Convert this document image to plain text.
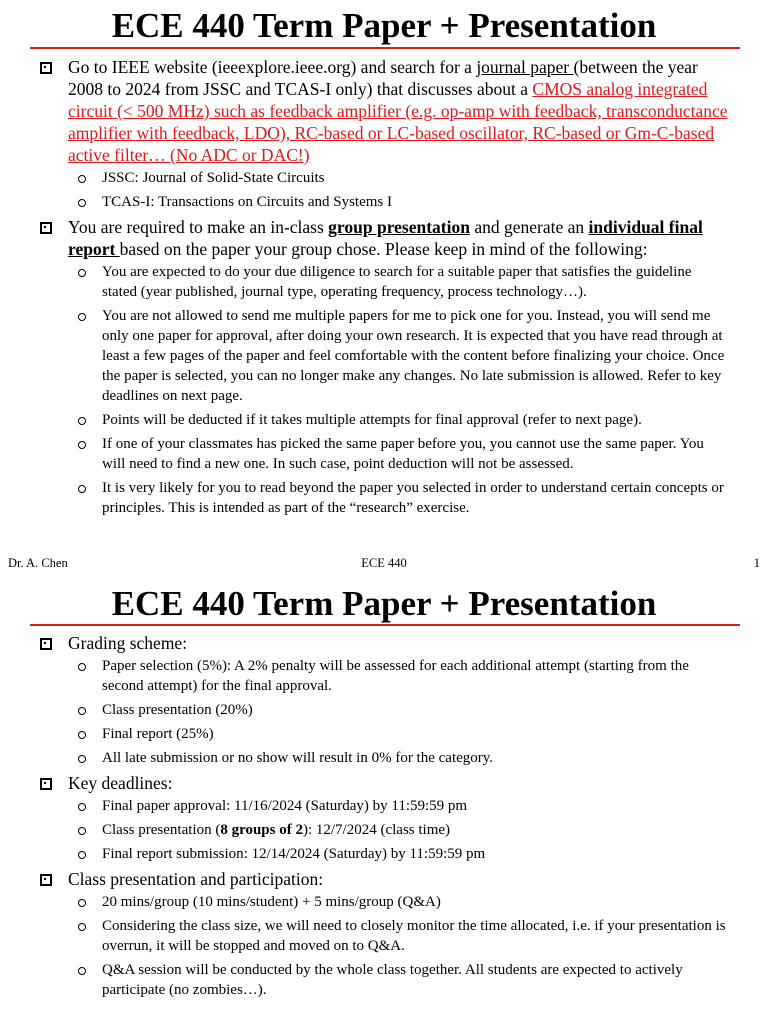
ECE 440 Term Paper + Presentation
Go to IEEE website (ieeexplore.ieee.org) and search for a journal paper (between the year 2008 to 2024 from JSSC and TCAS-I only) that discusses about a CMOS analog integrated circuit (< 500 MHz) such as feedback amplifier (e.g. op-amp with feedback, transconductance amplifier with feedback, LDO), RC-based or LC-based oscillator, RC-based or Gm-C-based active filter… (No ADC or DAC!)
JSSC: Journal of Solid-State Circuits
TCAS-I: Transactions on Circuits and Systems I
You are required to make an in-class group presentation and generate an individual final report based on the paper your group chose. Please keep in mind of the following:
You are expected to do your due diligence to search for a suitable paper that satisfies the guideline stated (year published, journal type, operating frequency, process technology…).
You are not allowed to send me multiple papers for me to pick one for you. Instead, you will send me only one paper for approval, after doing your own research. It is expected that you have read through at least a few pages of the paper and feel comfortable with the content before finalizing your choice. Once the paper is selected, you can no longer make any changes. No late submission is allowed. Refer to key deadlines on next page.
Points will be deducted if it takes multiple attempts for final approval (refer to next page).
If one of your classmates has picked the same paper before you, you cannot use the same paper. You will need to find a new one. In such case, point deduction will not be assessed.
It is very likely for you to read beyond the paper you selected in order to understand certain concepts or principles. This is intended as part of the “research” exercise.
Dr. A. Chen	ECE 440	1
ECE 440 Term Paper + Presentation
Grading scheme:
Paper selection (5%): A 2% penalty will be assessed for each additional attempt (starting from the second attempt) for the final approval.
Class presentation (20%)
Final report (25%)
All late submission or no show will result in 0% for the category.
Key deadlines:
Final paper approval: 11/16/2024 (Saturday) by 11:59:59 pm
Class presentation (8 groups of 2): 12/7/2024 (class time)
Final report submission: 12/14/2024 (Saturday) by 11:59:59 pm
Class presentation and participation:
20 mins/group (10 mins/student) + 5 mins/group (Q&A)
Considering the class size, we will need to closely monitor the time allocated, i.e. if your presentation is overrun, it will be stopped and moved on to Q&A.
Q&A session will be conducted by the whole class together. All students are expected to actively participate (no zombies…).
